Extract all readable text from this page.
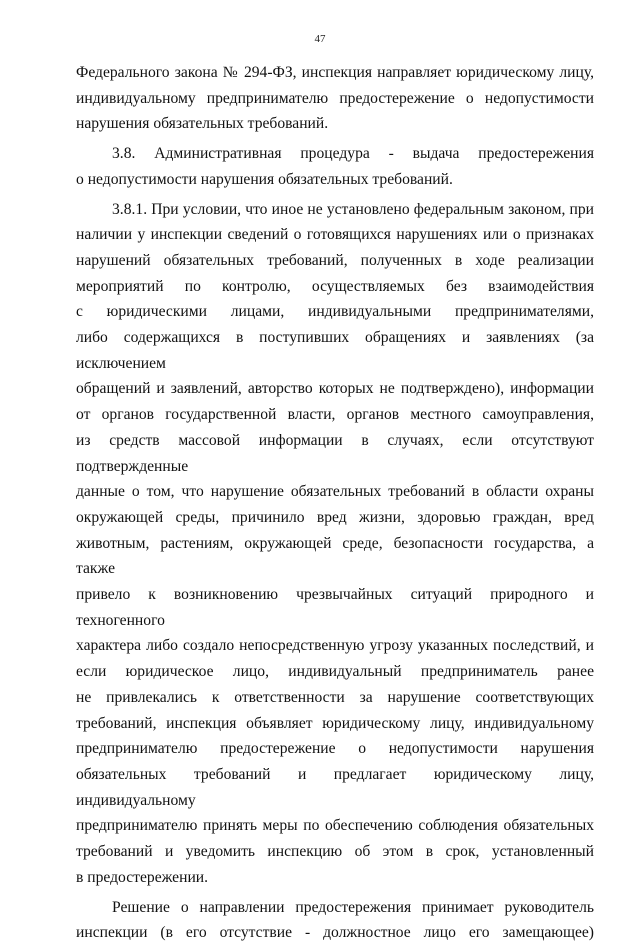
47
Федерального закона № 294-ФЗ, инспекция направляет юридическому лицу,
индивидуальному предпринимателю предостережение о недопустимости
нарушения обязательных требований.
3.8. Административная процедура - выдача предостережения
о недопустимости нарушения обязательных требований.
3.8.1. При условии, что иное не установлено федеральным законом, при
наличии у инспекции сведений о готовящихся нарушениях или о признаках
нарушений обязательных требований, полученных в ходе реализации
мероприятий по контролю, осуществляемых без взаимодействия
с юридическими лицами, индивидуальными предпринимателями,
либо содержащихся в поступивших обращениях и заявлениях (за исключением
обращений и заявлений, авторство которых не подтверждено), информации
от органов государственной власти, органов местного самоуправления,
из средств массовой информации в случаях, если отсутствуют подтвержденные
данные о том, что нарушение обязательных требований в области охраны
окружающей среды, причинило вред жизни, здоровью граждан, вред
животным, растениям, окружающей среде, безопасности государства, а также
привело к возникновению чрезвычайных ситуаций природного и техногенного
характера либо создало непосредственную угрозу указанных последствий, и
если юридическое лицо, индивидуальный предприниматель ранее
не привлекались к ответственности за нарушение соответствующих
требований, инспекция объявляет юридическому лицу, индивидуальному
предпринимателю предостережение о недопустимости нарушения
обязательных требований и предлагает юридическому лицу, индивидуальному
предпринимателю принять меры по обеспечению соблюдения обязательных
требований и уведомить инспекцию об этом в срок, установленный
в предостережении.
Решение о направлении предостережения принимает руководитель
инспекции (в его отсутствие - должностное лицо его замещающее)
